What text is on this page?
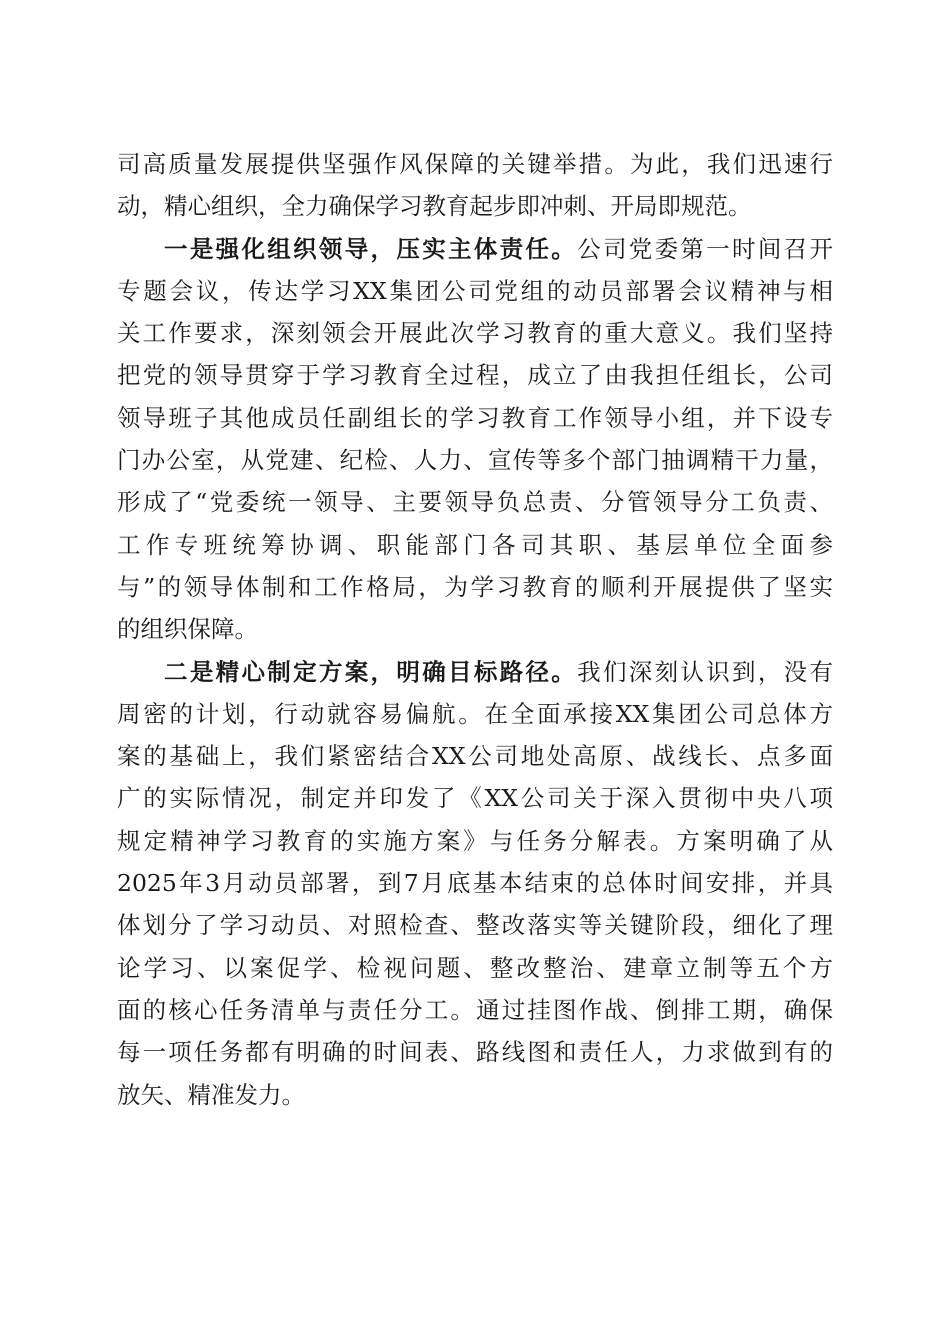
司高质量发展提供坚强作风保障的关键举措。为此，我们迅速行
动，精心组织，全力确保学习教育起步即冲刺、开局即规范。
一是强化组织领导，压实主体责任。公司党委第一时间召开
专题会议，传达学习XX集团公司党组的动员部署会议精神与相
关工作要求，深刻领会开展此次学习教育的重大意义。我们坚持
把党的领导贯穿于学习教育全过程，成立了由我担任组长，公司
领导班子其他成员任副组长的学习教育工作领导小组，并下设专
门办公室，从党建、纪检、人力、宣传等多个部门抽调精干力量，
形成了“党委统一领导、主要领导负总责、分管领导分工负责、
工作专班统筹协调、职能部门各司其职、基层单位全面参
与”的领导体制和工作格局，为学习教育的顺利开展提供了坚实
的组织保障。
二是精心制定方案，明确目标路径。我们深刻认识到，没有
周密的计划，行动就容易偏航。在全面承接XX集团公司总体方
案的基础上，我们紧密结合XX公司地处高原、战线长、点多面
广的实际情况，制定并印发了《XX公司关于深入贯彻中央八项
规定精神学习教育的实施方案》与任务分解表。方案明确了从
2025年3月动员部署，到7月底基本结束的总体时间安排，并具
体划分了学习动员、对照检查、整改落实等关键阶段，细化了理
论学习、以案促学、检视问题、整改整治、建章立制等五个方
面的核心任务清单与责任分工。通过挂图作战、倒排工期，确保
每一项任务都有明确的时间表、路线图和责任人，力求做到有的
放矢、精准发力。
